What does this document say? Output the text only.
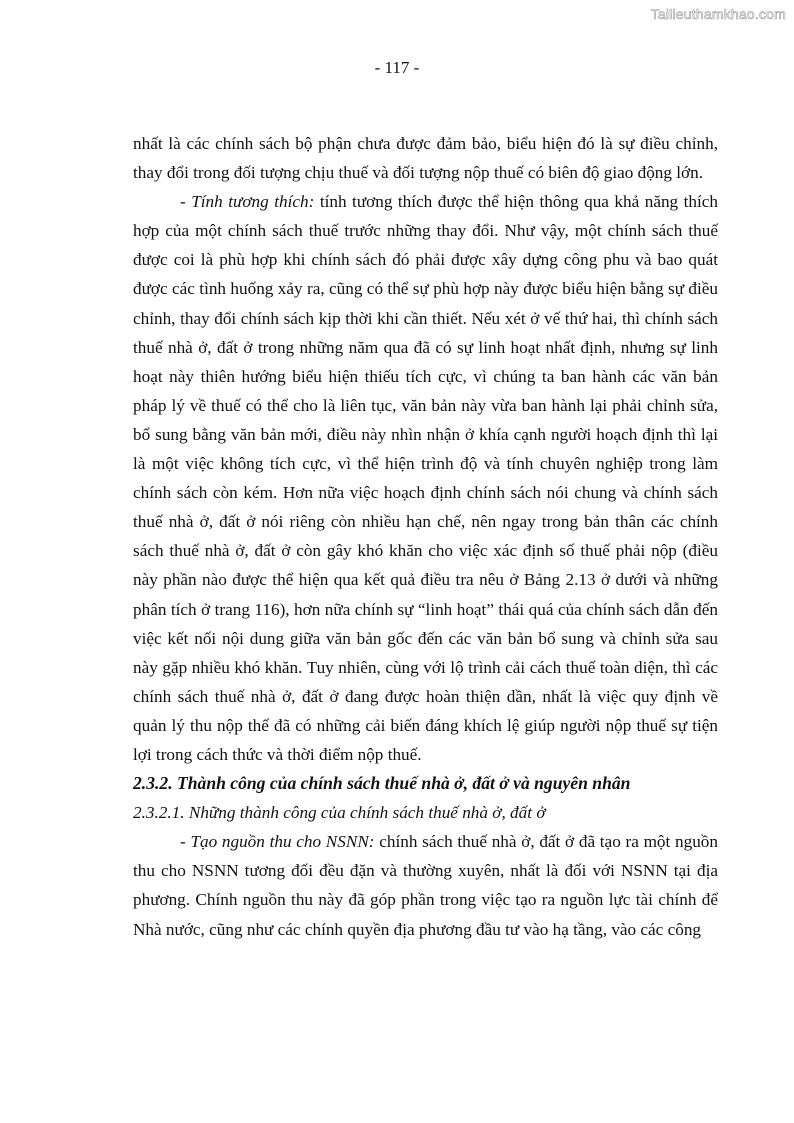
Tailieuthamkhao.com
- 117 -

nhất là các chính sách bộ phận chưa được đảm bảo, biểu hiện đó là sự điều chỉnh, thay đổi trong đối tượng chịu thuế và đối tượng nộp thuế có biên độ giao động lớn.

- Tính tương thích: tính tương thích được thể hiện thông qua khả năng thích hợp của một chính sách thuế trước những thay đổi. Như vậy, một chính sách thuế được coi là phù hợp khi chính sách đó phải được xây dựng công phu và bao quát được các tình huống xảy ra, cũng có thể sự phù hợp này được biểu hiện bằng sự điều chỉnh, thay đổi chính sách kịp thời khi cần thiết. Nếu xét ở vế thứ hai, thì chính sách thuế nhà ở, đất ở trong những năm qua đã có sự linh hoạt nhất định, nhưng sự linh hoạt này thiên hướng biểu hiện thiếu tích cực, vì chúng ta ban hành các văn bản pháp lý về thuế có thể cho là liên tục, văn bản này vừa ban hành lại phải chỉnh sửa, bổ sung bằng văn bản mới, điều này nhìn nhận ở khía cạnh người hoạch định thì lại là một việc không tích cực, vì thể hiện trình độ và tính chuyên nghiệp trong làm chính sách còn kém. Hơn nữa việc hoạch định chính sách nói chung và chính sách thuế nhà ở, đất ở nói riêng còn nhiều hạn chế, nên ngay trong bản thân các chính sách thuế nhà ở, đất ở còn gây khó khăn cho việc xác định số thuế phải nộp (điều này phần nào được thể hiện qua kết quả điều tra nêu ở Bảng 2.13 ở dưới và những phân tích ở trang 116), hơn nữa chính sự “linh hoạt” thái quá của chính sách dẫn đến việc kết nối nội dung giữa văn bản gốc đến các văn bản bổ sung và chỉnh sửa sau này gặp nhiều khó khăn. Tuy nhiên, cùng với lộ trình cải cách thuế toàn diện, thì các chính sách thuế nhà ở, đất ở đang được hoàn thiện dần, nhất là việc quy định về quản lý thu nộp thế đã có những cải biến đáng khích lệ giúp người nộp thuế sự tiện lợi trong cách thức và thời điểm nộp thuế.

2.3.2. Thành công của chính sách thuế nhà ở, đất ở và nguyên nhân

2.3.2.1. Những thành công của chính sách thuế nhà ở, đất ở

- Tạo nguồn thu cho NSNN: chính sách thuế nhà ở, đất ở đã tạo ra một nguồn thu cho NSNN tương đối đều đặn và thường xuyên, nhất là đối với NSNN tại địa phương. Chính nguồn thu này đã góp phần trong việc tạo ra nguồn lực tài chính để Nhà nước, cũng như các chính quyền địa phương đầu tư vào hạ tầng, vào các công
